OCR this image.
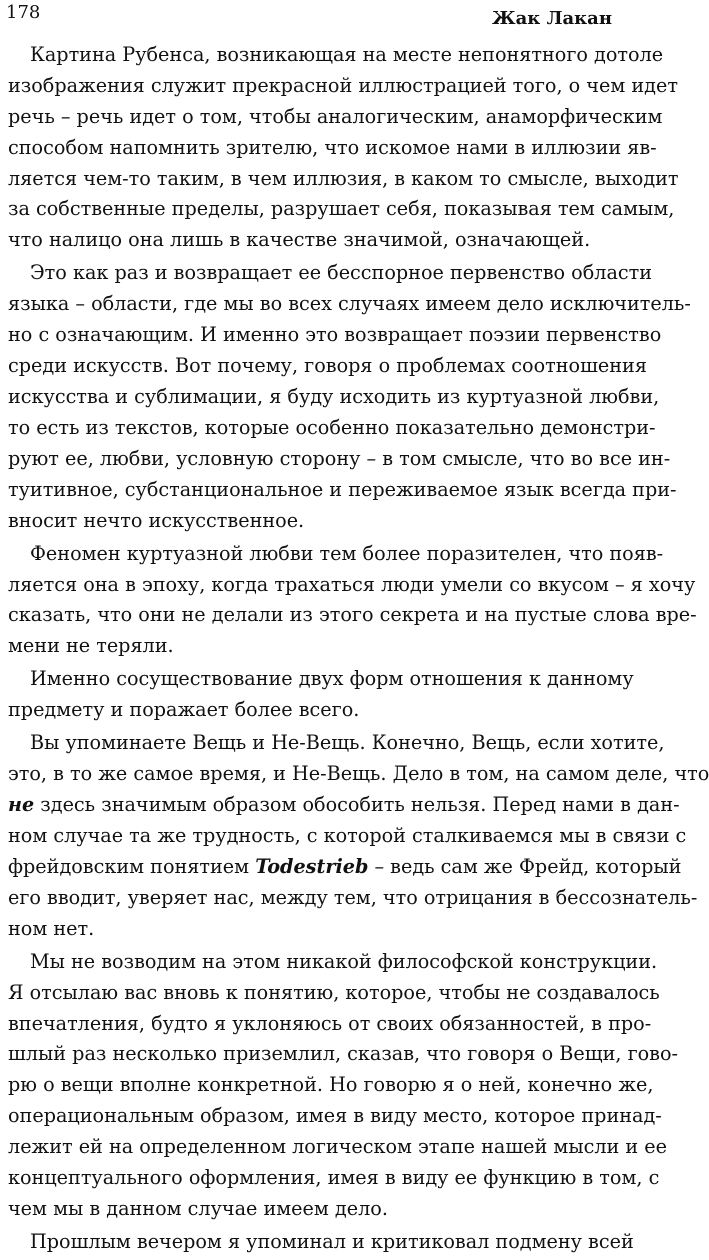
178	Жак Лакан
Картина Рубенса, возникающая на месте непонятного дотоле
изображения служит прекрасной иллюстрацией того, о чем идет
речь – речь идет о том, чтобы аналогическим, анаморфическим
способом напомнить зрителю, что искомое нами в иллюзии яв-
ляется чем-то таким, в чем иллюзия, в каком то смысле, выходит
за собственные пределы, разрушает себя, показывая тем самым,
что налицо она лишь в качестве значимой, означающей.
Это как раз и возвращает ее бесспорное первенство области
языка – области, где мы во всех случаях имеем дело исключитель-
но с означающим. И именно это возвращает поэзии первенство
среди искусств. Вот почему, говоря о проблемах соотношения
искусства и сублимации, я буду исходить из куртуазной любви,
то есть из текстов, которые особенно показательно демонстри-
руют ее, любви, условную сторону – в том смысле, что во все ин-
туитивное, субстанциональное и переживаемое язык всегда при-
вносит нечто искусственное.
Феномен куртуазной любви тем более поразителен, что появ-
ляется она в эпоху, когда трахаться люди умели со вкусом – я хочу
сказать, что они не делали из этого секрета и на пустые слова вре-
мени не теряли.
Именно сосуществование двух форм отношения к данному
предмету и поражает более всего.
Вы упоминаете Вещь и Не-Вещь. Конечно, Вещь, если хотите,
это, в то же самое время, и Не-Вещь. Дело в том, на самом деле, что
не здесь значимым образом обособить нельзя. Перед нами в дан-
ном случае та же трудность, с которой сталкиваемся мы в связи с
фрейдовским понятием Todestrieb – ведь сам же Фрейд, который
его вводит, уверяет нас, между тем, что отрицания в бессознатель-
ном нет.
Мы не возводим на этом никакой философской конструкции.
Я отсылаю вас вновь к понятию, которое, чтобы не создавалось
впечатления, будто я уклоняюсь от своих обязанностей, в про-
шлый раз несколько приземлил, сказав, что говоря о Вещи, гово-
рю о вещи вполне конкретной. Но говорю я о ней, конечно же,
операциональным образом, имея в виду место, которое принад-
лежит ей на определенном логическом этапе нашей мысли и ее
концептуального оформления, имея в виду ее функцию в том, с
чем мы в данном случае имеем дело.
Прошлым вечером я упоминал и критиковал подмену всей
